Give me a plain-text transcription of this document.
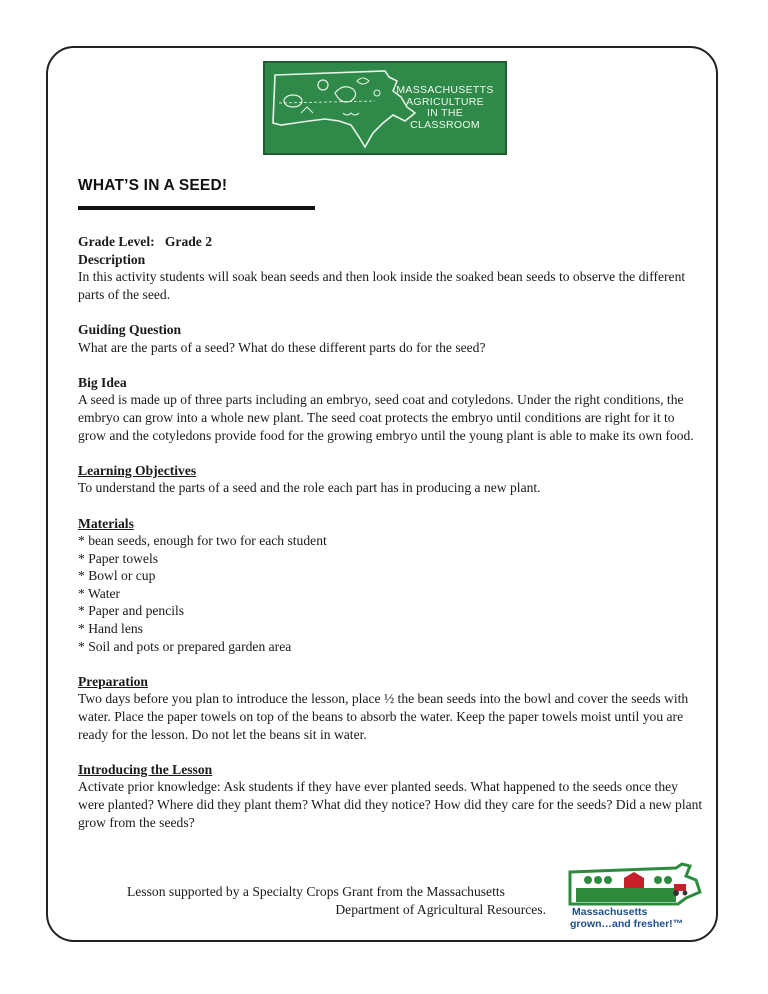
MASSACHUSETTS
AGRICULTURE
IN THE CLASSROOM
WHAT’S IN A SEED!

Grade Level: Grade 2

Description

In this activity students will soak bean seeds and then look inside the soaked bean seeds to observe the different parts of the seed.

Guiding Question

What are the parts of a seed? What do these different parts do for the seed?

Big Idea

A seed is made up of three parts including an embryo, seed coat and cotyledons. Under the right conditions, the embryo can grow into a whole new plant. The seed coat protects the embryo until conditions are right for it to grow and the cotyledons provide food for the growing embryo until the young plant is able to make its own food.

Learning Objectives

To understand the parts of a seed and the role each part has in producing a new plant.

Materials

* bean seeds, enough for two for each student

* Paper towels

* Bowl or cup

* Water

* Paper and pencils

* Hand lens

* Soil and pots or prepared garden area

Preparation

Two days before you plan to introduce the lesson, place ½ the bean seeds into the bowl and cover the seeds with water. Place the paper towels on top of the beans to absorb the water. Keep the paper towels moist until you are ready for the lesson. Do not let the beans sit in water.

Introducing the Lesson

Activate prior knowledge: Ask students if they have ever planted seeds. What happened to the seeds once they were planted? Where did they plant them? What did they notice? How did they care for the seeds? Did a new plant grow from the seeds?

Lesson supported by a Specialty Crops Grant from the Massachusetts
Department of Agricultural Resources. Massachusetts
grown…and fresher!™
